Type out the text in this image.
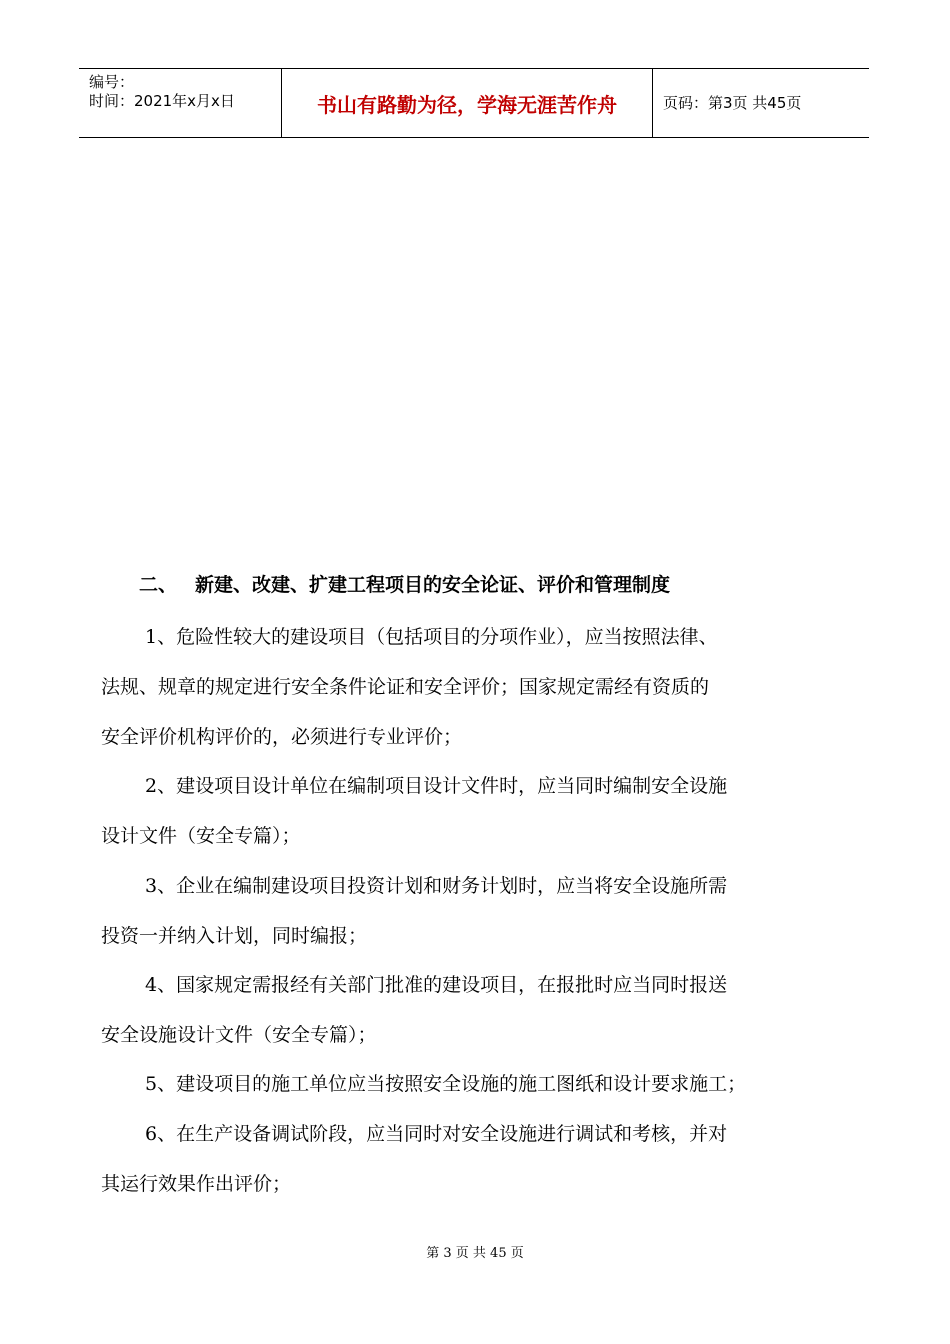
编号：
时间：2021年x月x日	书山有路勤为径，学海无涯苦作舟	页码：第3页 共45页
二、 新建、改建、扩建工程项目的安全论证、评价和管理制度
1、危险性较大的建设项目（包括项目的分项作业），应当按照法律、
法规、规章的规定进行安全条件论证和安全评价；国家规定需经有资质的
安全评价机构评价的，必须进行专业评价；
2、建设项目设计单位在编制项目设计文件时，应当同时编制安全设施
设计文件（安全专篇）；
3、企业在编制建设项目投资计划和财务计划时，应当将安全设施所需
投资一并纳入计划，同时编报；
4、国家规定需报经有关部门批准的建设项目，在报批时应当同时报送
安全设施设计文件（安全专篇）；
5、建设项目的施工单位应当按照安全设施的施工图纸和设计要求施工；
6、在生产设备调试阶段，应当同时对安全设施进行调试和考核，并对
其运行效果作出评价；
第 3 页 共 45 页
